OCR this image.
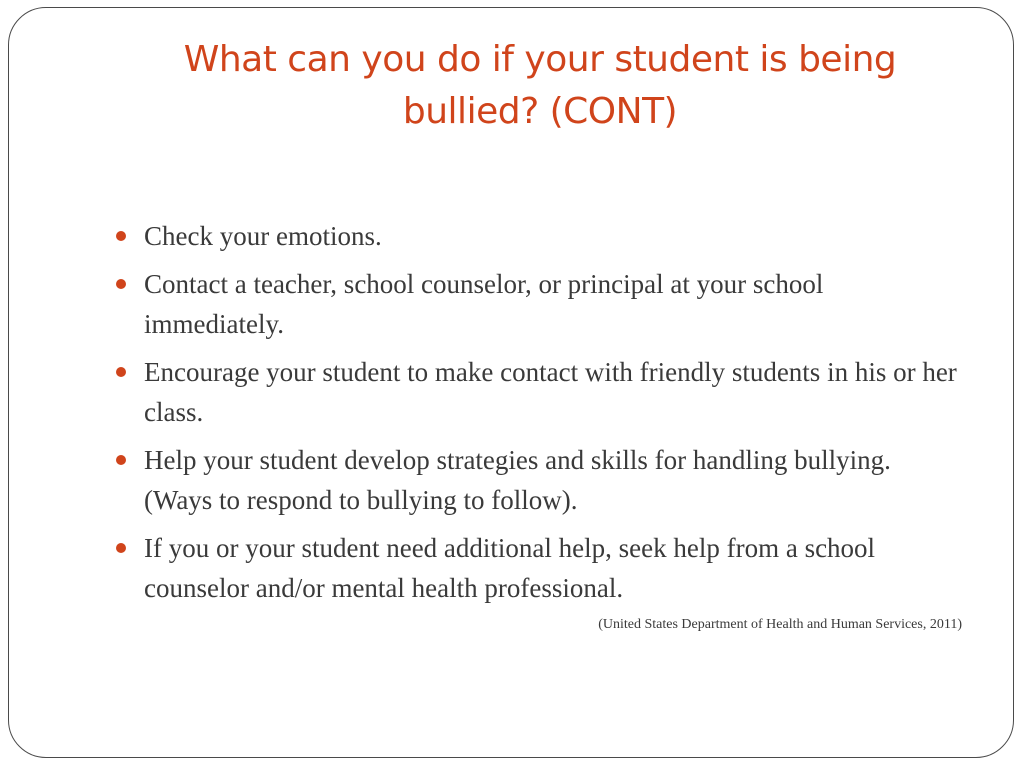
What can you do if your student is being bullied? (CONT)
Check your emotions.
Contact a teacher, school counselor, or principal at your school immediately.
Encourage your student to make contact with friendly students in his or her class.
Help your student develop strategies and skills for handling bullying. (Ways to respond to bullying to follow).
If you or your student need additional help, seek help from a school counselor and/or mental health professional.
(United States Department of Health and Human Services, 2011)
